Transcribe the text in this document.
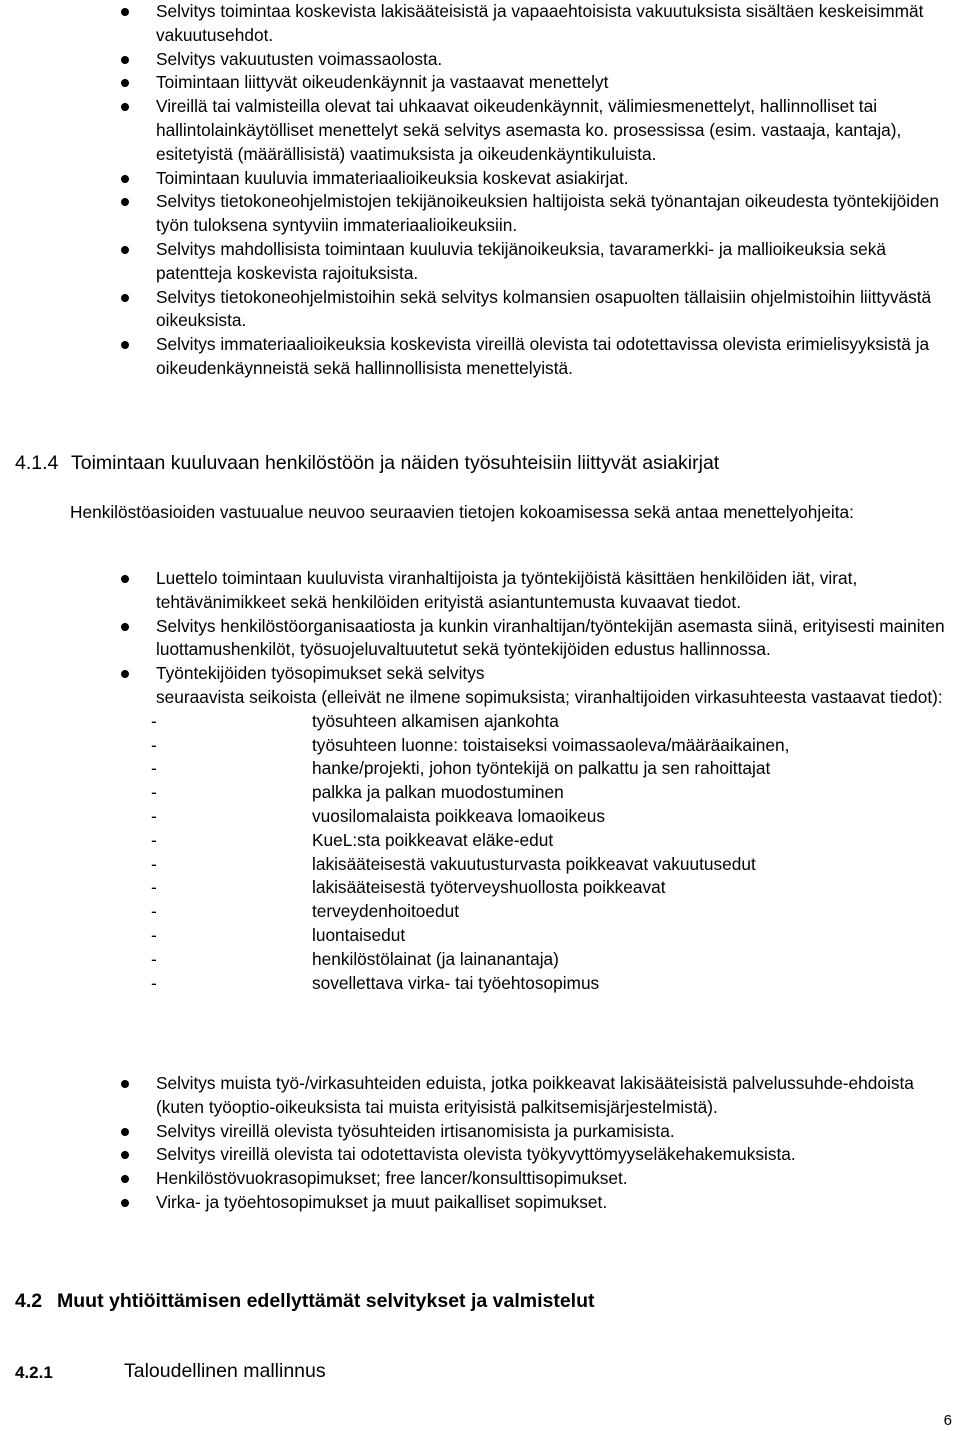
Selvitys toimintaa koskevista lakisääteisistä ja vapaaehtoisista vakuutuksista sisältäen keskeisimmät vakuutusehdot.
Selvitys vakuutusten voimassaolosta.
Toimintaan liittyvät oikeudenkäynnit ja vastaavat menettelyt
Vireillä tai valmisteilla olevat tai uhkaavat oikeudenkäynnit, välimiesmenettelyt, hallinnolliset tai hallintolainkäytölliset menettelyt sekä selvitys asemasta ko. prosessissa (esim. vastaaja, kantaja), esitetyistä (määrällisistä) vaatimuksista ja oikeudenkäyntikuluista.
Toimintaan kuuluvia immateriaalioikeuksia koskevat asiakirjat.
Selvitys tietokoneohjelmistojen tekijänoikeuksien haltijoista sekä työnantajan oikeudesta työntekijöiden työn tuloksena syntyviin immateriaalioikeuksiin.
Selvitys mahdollisista toimintaan kuuluvia tekijänoikeuksia, tavaramerkki- ja mallioikeuksia sekä patentteja koskevista rajoituksista.
Selvitys tietokoneohjelmistoihin sekä selvitys kolmansien osapuolten tällaisiin ohjelmistoihin liittyvästä oikeuksista.
Selvitys immateriaalioikeuksia koskevista vireillä olevista tai odotettavissa olevista erimielisyyksistä ja oikeudenkäynneistä sekä hallinnollisista menettelyistä.
4.1.4 Toimintaan kuuluvaan henkilöstöön ja näiden työsuhteisiin liittyvät asiakirjat
Henkilöstöasioiden vastuualue neuvoo seuraavien tietojen kokoamisessa sekä antaa menettelyohjeita:
Luettelo toimintaan kuuluvista viranhaltijoista ja työntekijöistä käsittäen henkilöiden iät, virat, tehtävänimikkeet sekä henkilöiden erityistä asiantuntemusta kuvaavat tiedot.
Selvitys henkilöstöorganisaatiosta ja kunkin viranhaltijan/työntekijän asemasta siinä, erityisesti mainiten luottamushenkilöt, työsuojeluvaltuutetut sekä työntekijöiden edustus hallinnossa.
Työntekijöiden työsopimukset sekä selvitys
seuraavista seikoista (elleivät ne ilmene sopimuksista; viranhaltijoiden virkasuhteesta vastaavat tiedot):
-	työsuhteen alkamisen ajankohta
-	työsuhteen luonne: toistaiseksi voimassaoleva/määräaikainen,
-	hanke/projekti, johon työntekijä on palkattu ja sen rahoittajat
-	palkka ja palkan muodostuminen
-	vuosilomalaista poikkeava lomaoikeus
-	KueL:sta poikkeavat eläke-edut
-	lakisääteisestä vakuutusturvasta poikkeavat vakuutusedut
-	lakisääteisestä työterveyshuollosta poikkeavat
-	terveydenhoitoedut
-	luontaisedut
-	henkilöstölainat (ja lainanantaja)
-	sovellettava virka- tai työehtosopimus
Selvitys muista työ-/virkasuhteiden eduista, jotka poikkeavat lakisääteisistä palvelussuhde-ehdoista (kuten työoptio-oikeuksista tai muista erityisistä palkitsemisjärjestelmistä).
Selvitys vireillä olevista työsuhteiden irtisanomisista ja purkamisista.
Selvitys vireillä olevista tai odotettavista olevista työkyvyttömyyseläkehakemuksista.
Henkilöstövuokrasopimukset; free lancer/konsulttisopimukset.
Virka- ja työehtosopimukset ja muut paikalliset sopimukset.
4.2 Muut yhtiöittämisen edellyttämät selvitykset ja valmistelut
4.2.1	Taloudellinen mallinnus
6
